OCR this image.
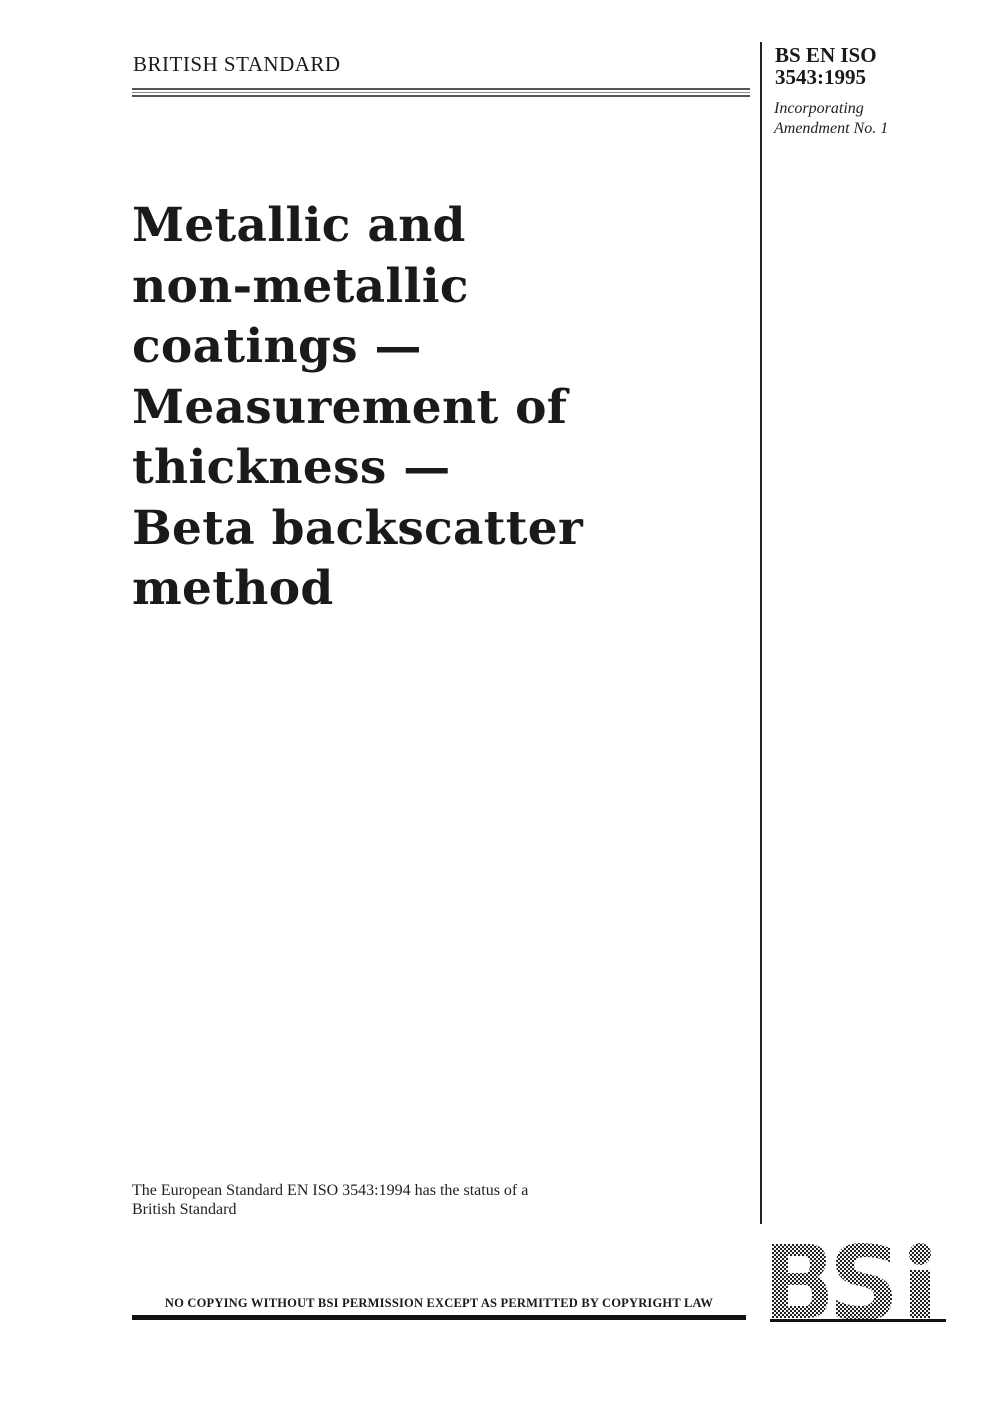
BRITISH STANDARD	BS EN ISO
3543:1995
Incorporating
Amendment No. 1
Metallic and
non-metallic
coatings —
Measurement of
thickness —
Beta backscatter
method
The European Standard EN ISO 3543:1994 has the status of a
British Standard
NO COPYING WITHOUT BSI PERMISSION EXCEPT AS PERMITTED BY COPYRIGHT LAW
